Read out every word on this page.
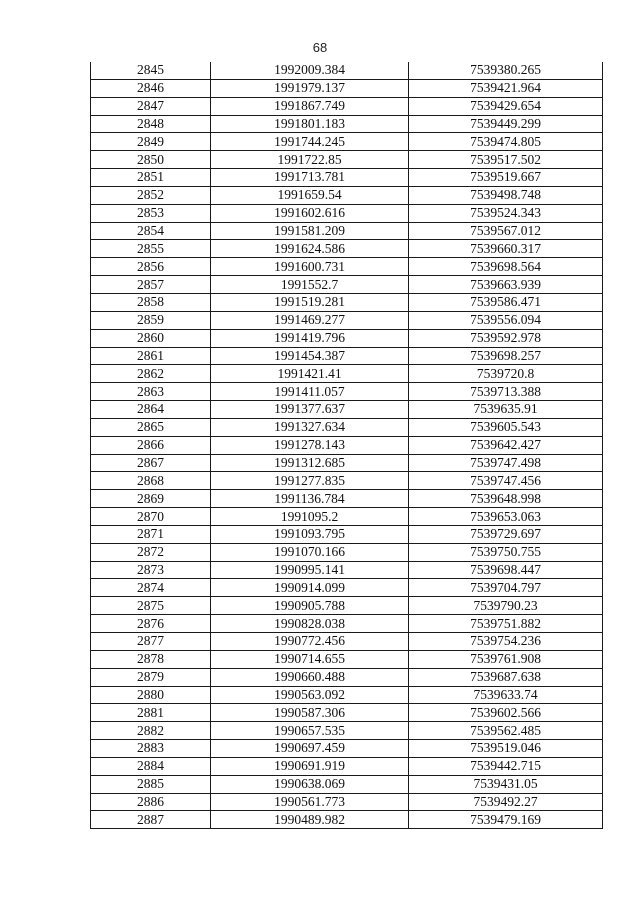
68
2845	1992009.384	7539380.265
2846	1991979.137	7539421.964
2847	1991867.749	7539429.654
2848	1991801.183	7539449.299
2849	1991744.245	7539474.805
2850	1991722.85	7539517.502
2851	1991713.781	7539519.667
2852	1991659.54	7539498.748
2853	1991602.616	7539524.343
2854	1991581.209	7539567.012
2855	1991624.586	7539660.317
2856	1991600.731	7539698.564
2857	1991552.7	7539663.939
2858	1991519.281	7539586.471
2859	1991469.277	7539556.094
2860	1991419.796	7539592.978
2861	1991454.387	7539698.257
2862	1991421.41	7539720.8
2863	1991411.057	7539713.388
2864	1991377.637	7539635.91
2865	1991327.634	7539605.543
2866	1991278.143	7539642.427
2867	1991312.685	7539747.498
2868	1991277.835	7539747.456
2869	1991136.784	7539648.998
2870	1991095.2	7539653.063
2871	1991093.795	7539729.697
2872	1991070.166	7539750.755
2873	1990995.141	7539698.447
2874	1990914.099	7539704.797
2875	1990905.788	7539790.23
2876	1990828.038	7539751.882
2877	1990772.456	7539754.236
2878	1990714.655	7539761.908
2879	1990660.488	7539687.638
2880	1990563.092	7539633.74
2881	1990587.306	7539602.566
2882	1990657.535	7539562.485
2883	1990697.459	7539519.046
2884	1990691.919	7539442.715
2885	1990638.069	7539431.05
2886	1990561.773	7539492.27
2887	1990489.982	7539479.169
